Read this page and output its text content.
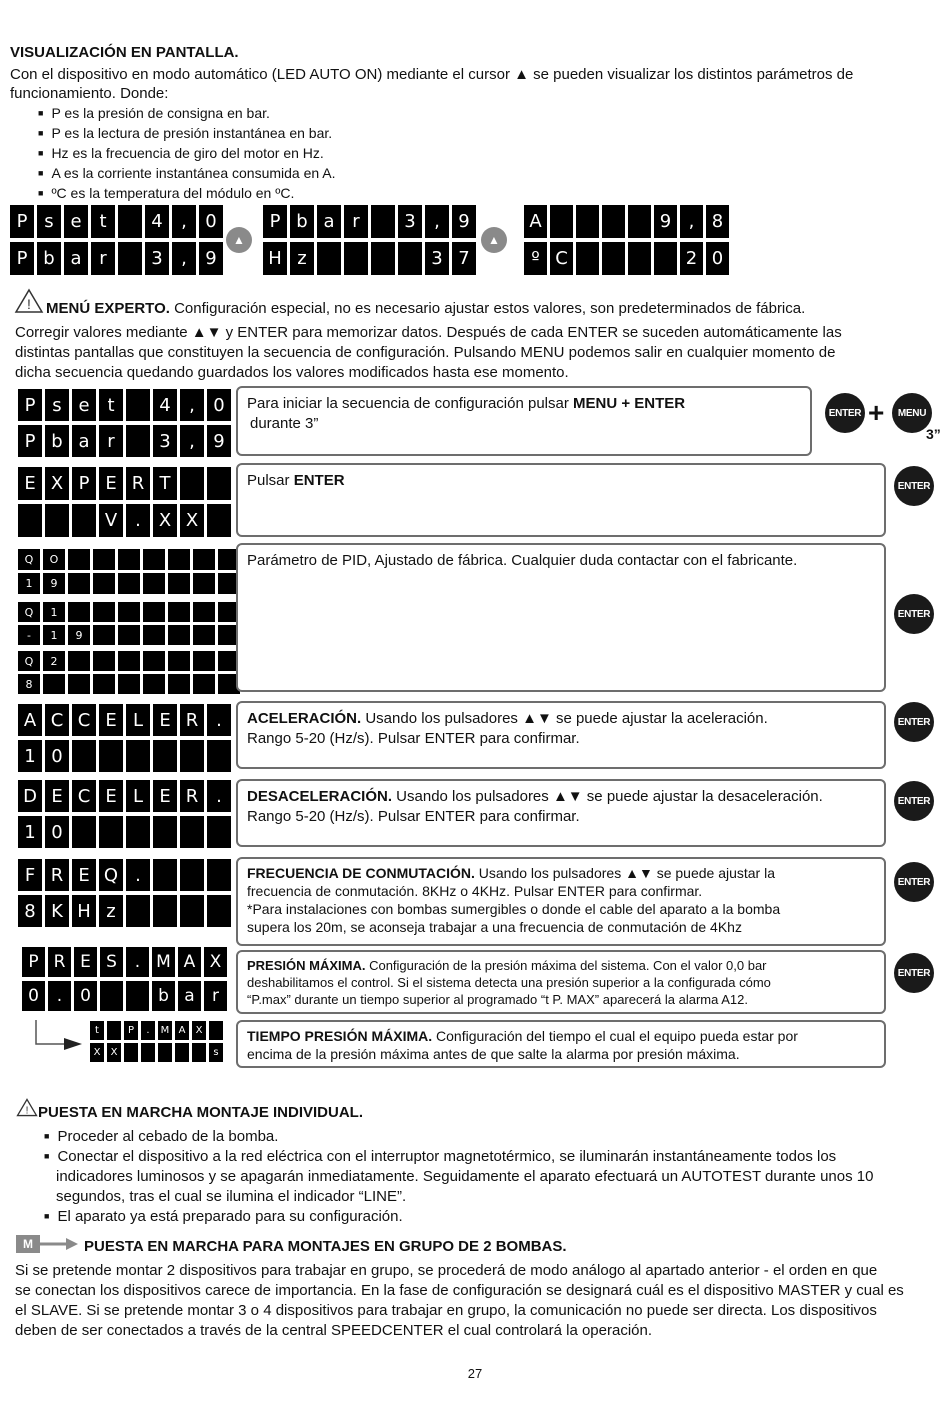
VISUALIZACIÓN EN PANTALLA.
Con el dispositivo en modo automático (LED AUTO ON) mediante el cursor ▲ se pueden visualizar los distintos parámetros de
funcionamiento. Donde:
■ P es la presión de consigna en bar.
■ P es la lectura de presión instantánea en bar.
■ Hz es la frecuencia de giro del motor en Hz.
■ A es la corriente instantánea consumida en A.
■ ºC es la temperatura del módulo en ºC.
P s e t	4	,	0
P b a r	3	,	9
▲
P b a r	3	,	9
H z	3 7
▲
A	9 , 8
º C	2 0
! MENÚ EXPERTO. Configuración especial, no es necesario ajustar estos valores, son predeterminados de fábrica.
Corregir valores mediante ▲▼ y ENTER para memorizar datos. Después de cada ENTER se suceden automáticamente las
distintas pantallas que constituyen la secuencia de configuración. Pulsando MENU podemos salir en cualquier momento de
dicha secuencia quedando guardados los valores modificados hasta ese momento.
P s e t	4	,	0
P b a r	3	,	9
Para iniciar la secuencia de configuración pulsar MENU + ENTER
durante 3”
ENTER +	MENU
3”
E X P E R T
V . X X
Pulsar ENTER	ENTER
Q	O
1	9
Q	1
-	1	9
Q	2
8
Parámetro de PID, Ajustado de fábrica. Cualquier duda contactar con el fabricante.
ENTER
A C C E L E R .
1 0
ACELERACIÓN. Usando los pulsadores ▲▼ se puede ajustar la aceleración.
Rango 5-20 (Hz/s). Pulsar ENTER para confirmar.
ENTER
D E C E L E R .
1 0
DESACELERACIÓN. Usando los pulsadores ▲▼ se puede ajustar la desaceleración.
Rango 5-20 (Hz/s). Pulsar ENTER para confirmar.
ENTER
F R E Q .
8 K H z
FRECUENCIA DE CONMUTACIÓN. Usando los pulsadores ▲▼ se puede ajustar la
frecuencia de conmutación. 8KHz o 4KHz. Pulsar ENTER para confirmar.
*Para instalaciones con bombas sumergibles o donde el cable del aparato a la bomba
supera los 20m, se aconseja trabajar a una frecuencia de conmutación de 4Khz
ENTER
P R E S	. M A X
0	.	0	b a	r
PRESIÓN MÁXIMA. Configuración de la presión máxima del sistema. Con el valor 0,0 bar
deshabilitamos el control. Si el sistema detecta una presión superior a la configurada cómo
“P.max” durante un tiempo superior al programado “t P. MAX” aparecerá la alarma A12.
ENTER
t	P	.	M A	X
X	X	s
TIEMPO PRESIÓN MÁXIMA. Configuración del tiempo el cual el equipo pueda estar por
encima de la presión máxima antes de que salte la alarma por presión máxima.
! PUESTA EN MARCHA MONTAJE INDIVIDUAL.
■ Proceder al cebado de la bomba.
■ Conectar el dispositivo a la red eléctrica con el interruptor magnetotérmico, se iluminarán instantáneamente todos los
indicadores luminosos y se apagarán inmediatamente. Seguidamente el aparato efectuará un AUTOTEST durante unos 10
segundos, tras el cual se ilumina el indicador “LINE”.
■ El aparato ya está preparado para su configuración.
M	PUESTA EN MARCHA PARA MONTAJES EN GRUPO DE 2 BOMBAS.
Si se pretende montar 2 dispositivos para trabajar en grupo, se procederá de modo análogo al apartado anterior - el orden en que
se conectan los dispositivos carece de importancia. En la fase de configuración se designará cuál es el dispositivo MASTER y cual es
el SLAVE. Si se pretende montar 3 o 4 dispositivos para trabajar en grupo, la comunicación no puede ser directa. Los dispositivos
deben de ser conectados a través de la central SPEEDCENTER el cual controlará la operación.
27
